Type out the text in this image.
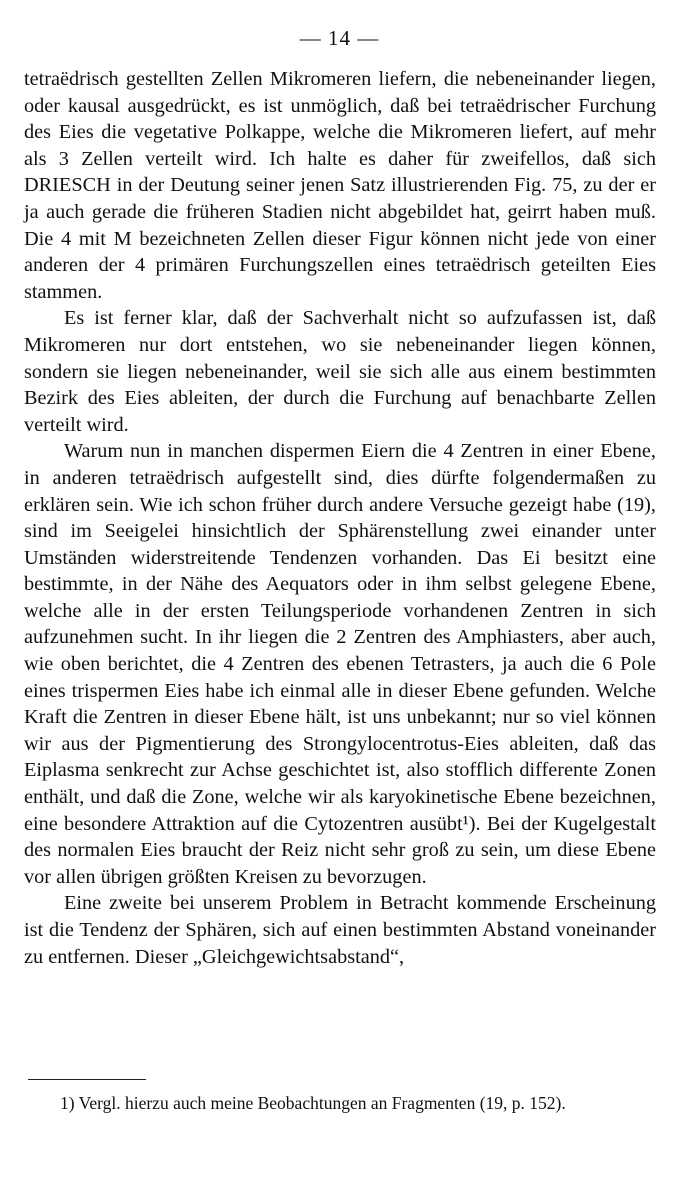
— 14 —

tetraëdrisch gestellten Zellen Mikromeren liefern, die nebeneinander liegen, oder kausal ausgedrückt, es ist unmöglich, daß bei tetraëdrischer Furchung des Eies die vegetative Polkappe, welche die Mikromeren liefert, auf mehr als 3 Zellen verteilt wird. Ich halte es daher für zweifellos, daß sich DRIESCH in der Deutung seiner jenen Satz illustrierenden Fig. 75, zu der er ja auch gerade die früheren Stadien nicht abgebildet hat, geirrt haben muß. Die 4 mit M bezeichneten Zellen dieser Figur können nicht jede von einer anderen der 4 primären Furchungszellen eines tetraëdrisch geteilten Eies stammen.

Es ist ferner klar, daß der Sachverhalt nicht so aufzufassen ist, daß Mikromeren nur dort entstehen, wo sie nebeneinander liegen können, sondern sie liegen nebeneinander, weil sie sich alle aus einem bestimmten Bezirk des Eies ableiten, der durch die Furchung auf benachbarte Zellen verteilt wird.

Warum nun in manchen dispermen Eiern die 4 Zentren in einer Ebene, in anderen tetraëdrisch aufgestellt sind, dies dürfte folgendermaßen zu erklären sein. Wie ich schon früher durch andere Versuche gezeigt habe (19), sind im Seeigelei hinsichtlich der Sphärenstellung zwei einander unter Umständen widerstreitende Tendenzen vorhanden. Das Ei besitzt eine bestimmte, in der Nähe des Aequators oder in ihm selbst gelegene Ebene, welche alle in der ersten Teilungsperiode vorhandenen Zentren in sich aufzunehmen sucht. In ihr liegen die 2 Zentren des Amphiasters, aber auch, wie oben berichtet, die 4 Zentren des ebenen Tetrasters, ja auch die 6 Pole eines trispermen Eies habe ich einmal alle in dieser Ebene gefunden. Welche Kraft die Zentren in dieser Ebene hält, ist uns unbekannt; nur so viel können wir aus der Pigmentierung des Strongylocentrotus-Eies ableiten, daß das Eiplasma senkrecht zur Achse geschichtet ist, also stofflich differente Zonen enthält, und daß die Zone, welche wir als karyokinetische Ebene bezeichnen, eine besondere Attraktion auf die Cytozentren ausübt¹). Bei der Kugelgestalt des normalen Eies braucht der Reiz nicht sehr groß zu sein, um diese Ebene vor allen übrigen größten Kreisen zu bevorzugen.

Eine zweite bei unserem Problem in Betracht kommende Erscheinung ist die Tendenz der Sphären, sich auf einen bestimmten Abstand voneinander zu entfernen. Dieser „Gleichgewichtsabstand“,

1) Vergl. hierzu auch meine Beobachtungen an Fragmenten (19, p. 152).
